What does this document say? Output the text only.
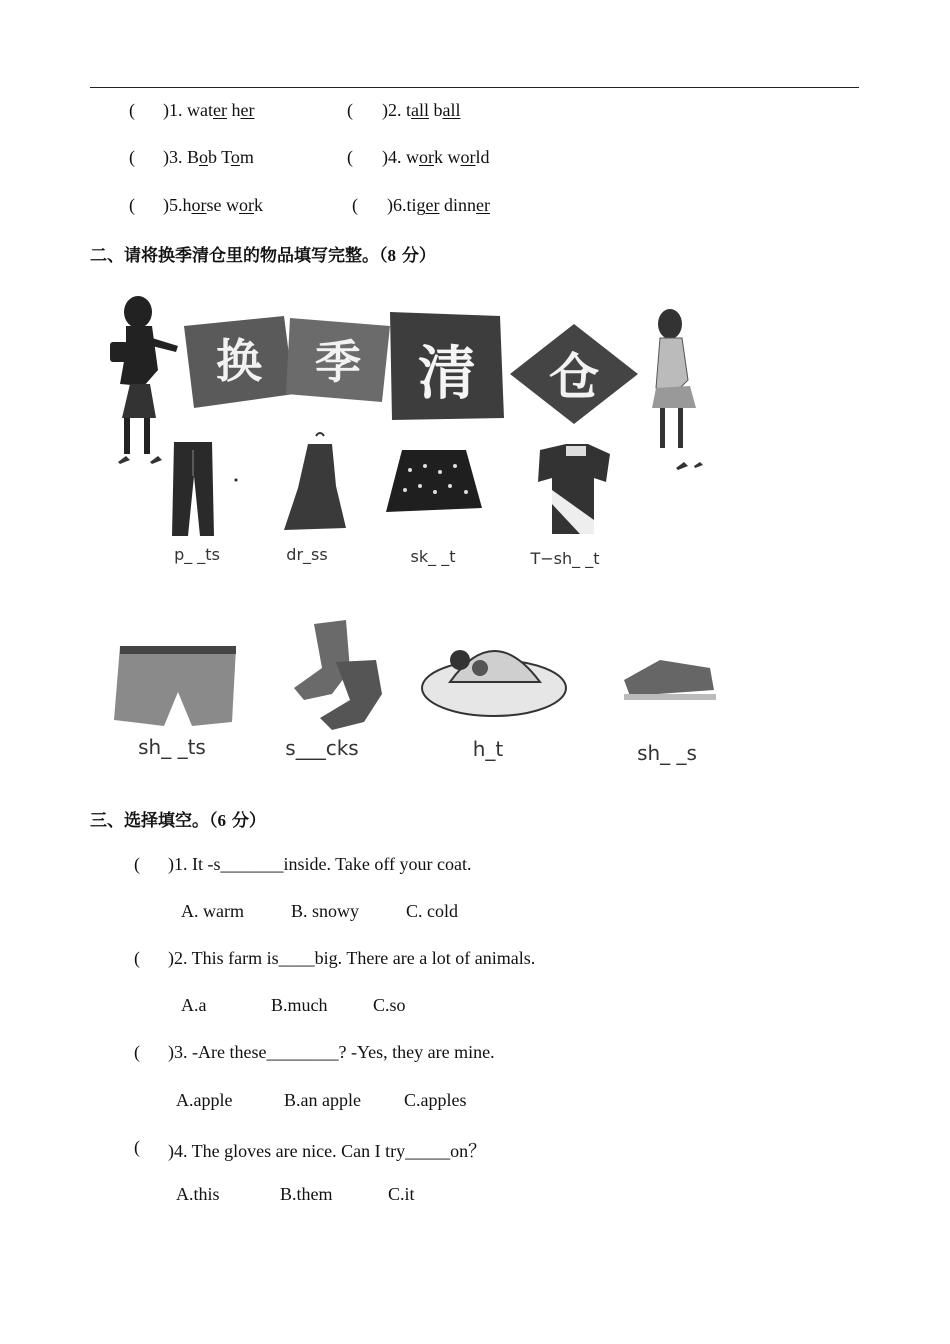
( )1. water her	( )2. tall ball
( )3. Bob Tom	( )4. work world
( )5.horse work	( )6.tiger dinner
二、请将换季清仓里的物品填写完整。（8 分）
换 季 清 仓
p_ _ts	dr_ss	sk_ _t	T−sh_ _t
sh_ _ts	s___cks	h_t	sh_ _s
三、选择填空。（6 分）
( )1. It -s_______inside. Take off your coat.
A. warm	B. snowy	C. cold
( )2. This farm is____big. There are a lot of animals.
A.a	B.much	C.so
( )3. -Are these________? -Yes, they are mine.
A.apple	B.an apple C.apples
( )4. The gloves are nice. Can I try_____on？
A.this	B.them	C.it
